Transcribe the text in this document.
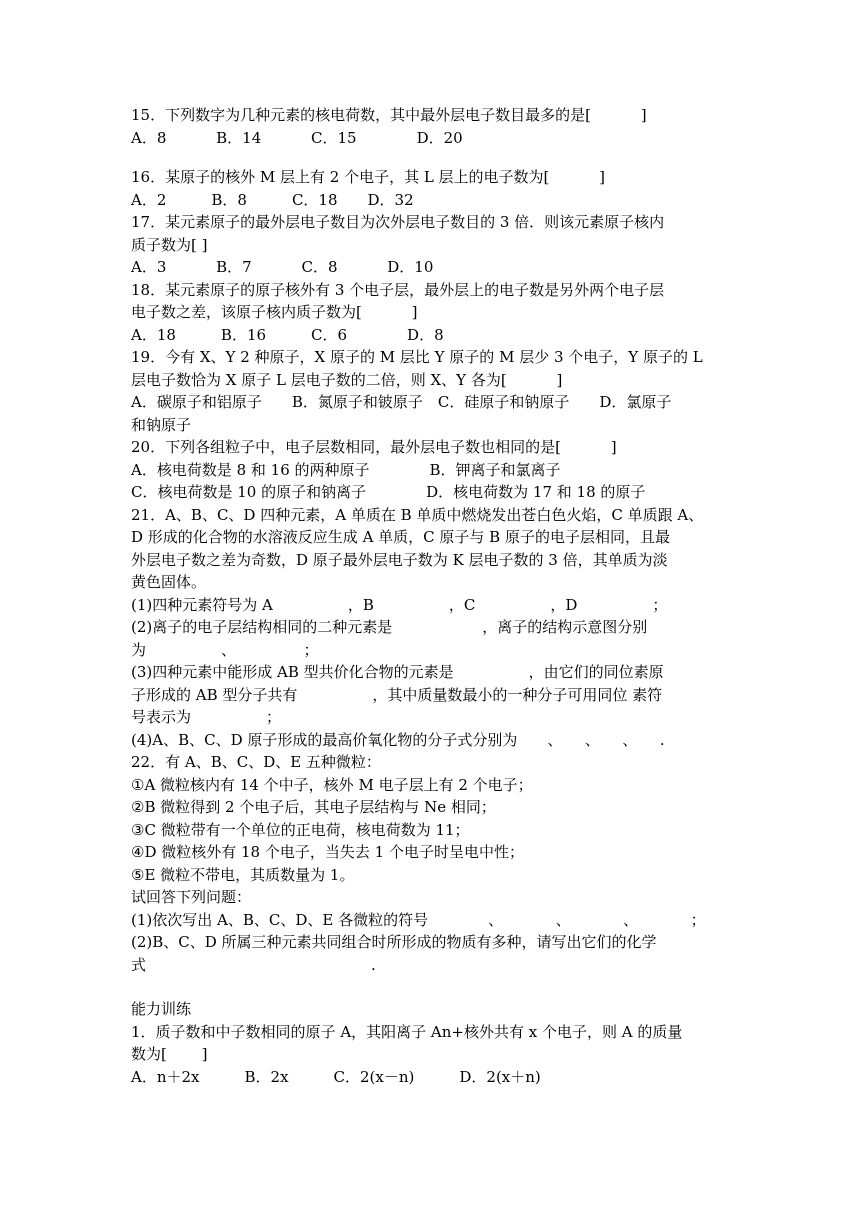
15．下列数字为几种元素的核电荷数，其中最外层电子数目最多的是[　　　 ]
A．8　　　 B．14　　　 C．15　　　　D．20
16．某原子的核外 M 层上有 2 个电子，其 L 层上的电子数为[　　　 ]
A．2　　　B．8　　　C．18　　D．32
17．某元素原子的最外层电子数目为次外层电子数目的 3 倍．则该元素原子核内
质子数为[ ]
A．3　　　 B．7　　　 C．8　　　 D．10
18．某元素原子的原子核外有 3 个电子层，最外层上的电子数是另外两个电子层
电子数之差，该原子核内质子数为[　　　 ]
A．18　　　B．16　　　C．6　　　　D．8
19．今有 X、Y 2 种原子，X 原子的 M 层比 Y 原子的 M 层少 3 个电子，Y 原子的 L
层电子数恰为 X 原子 L 层电子数的二倍，则 X、Y 各为[　　　 ]
A．碳原子和铝原子　　B．氮原子和铍原子　C．硅原子和钠原子　　D．氯原子
和钠原子
20．下列各组粒子中，电子层数相同，最外层电子数也相同的是[　　　 ]
A．核电荷数是 8 和 16 的两种原子　　　　B．钾离子和氯离子
C．核电荷数是 10 的原子和钠离子　　　　D．核电荷数为 17 和 18 的原子
21．A、B、C、D 四种元素，A 单质在 B 单质中燃烧发出苍白色火焰，C 单质跟 A、
D 形成的化合物的水溶液反应生成 A 单质，C 原子与 B 原子的电子层相同，且最
外层电子数之差为奇数，D 原子最外层电子数为 K 层电子数的 3 倍，其单质为淡
黄色固体。
(1)四种元素符号为 A　　　　　，B　　　　　，C　　　　　，D　　　　　；
(2)离子的电子层结构相同的二种元素是　　　　　　，离子的结构示意图分别
为　　　　　、　　　　　；
(3)四种元素中能形成 AB 型共价化合物的元素是　　　　　，由它们的同位素原
子形成的 AB 型分子共有　　　　　，其中质量数最小的一种分子可用同位 素符
号表示为　　　　　；
(4)A、B、C、D 原子形成的最高价氧化物的分子式分别为　　、　　、　　、　　.
22．有 A、B、C、D、E 五种微粒：
①A 微粒核内有 14 个中子，核外 M 电子层上有 2 个电子；
②B 微粒得到 2 个电子后，其电子层结构与 Ne 相同；
③C 微粒带有一个单位的正电荷，核电荷数为 11；
④D 微粒核外有 18 个电子，当失去 1 个电子时呈电中性；
⑤E 微粒不带电，其质数量为 1。
试回答下列问题：
(1)依次写出 A、B、C、D、E 各微粒的符号　　　　、　　　　、　　　　、　　　　；
(2)B、C、D 所属三种元素共同组合时所形成的物质有多种，请写出它们的化学
式　　　　　　　　　　　　　　　.
能力训练
1．质子数和中子数相同的原子 A，其阳离子 An+核外共有 x 个电子，则 A 的质量
数为[　　 ]
A．n＋2x　　　B．2x　　　C．2(x－n)　　　D．2(x＋n)
